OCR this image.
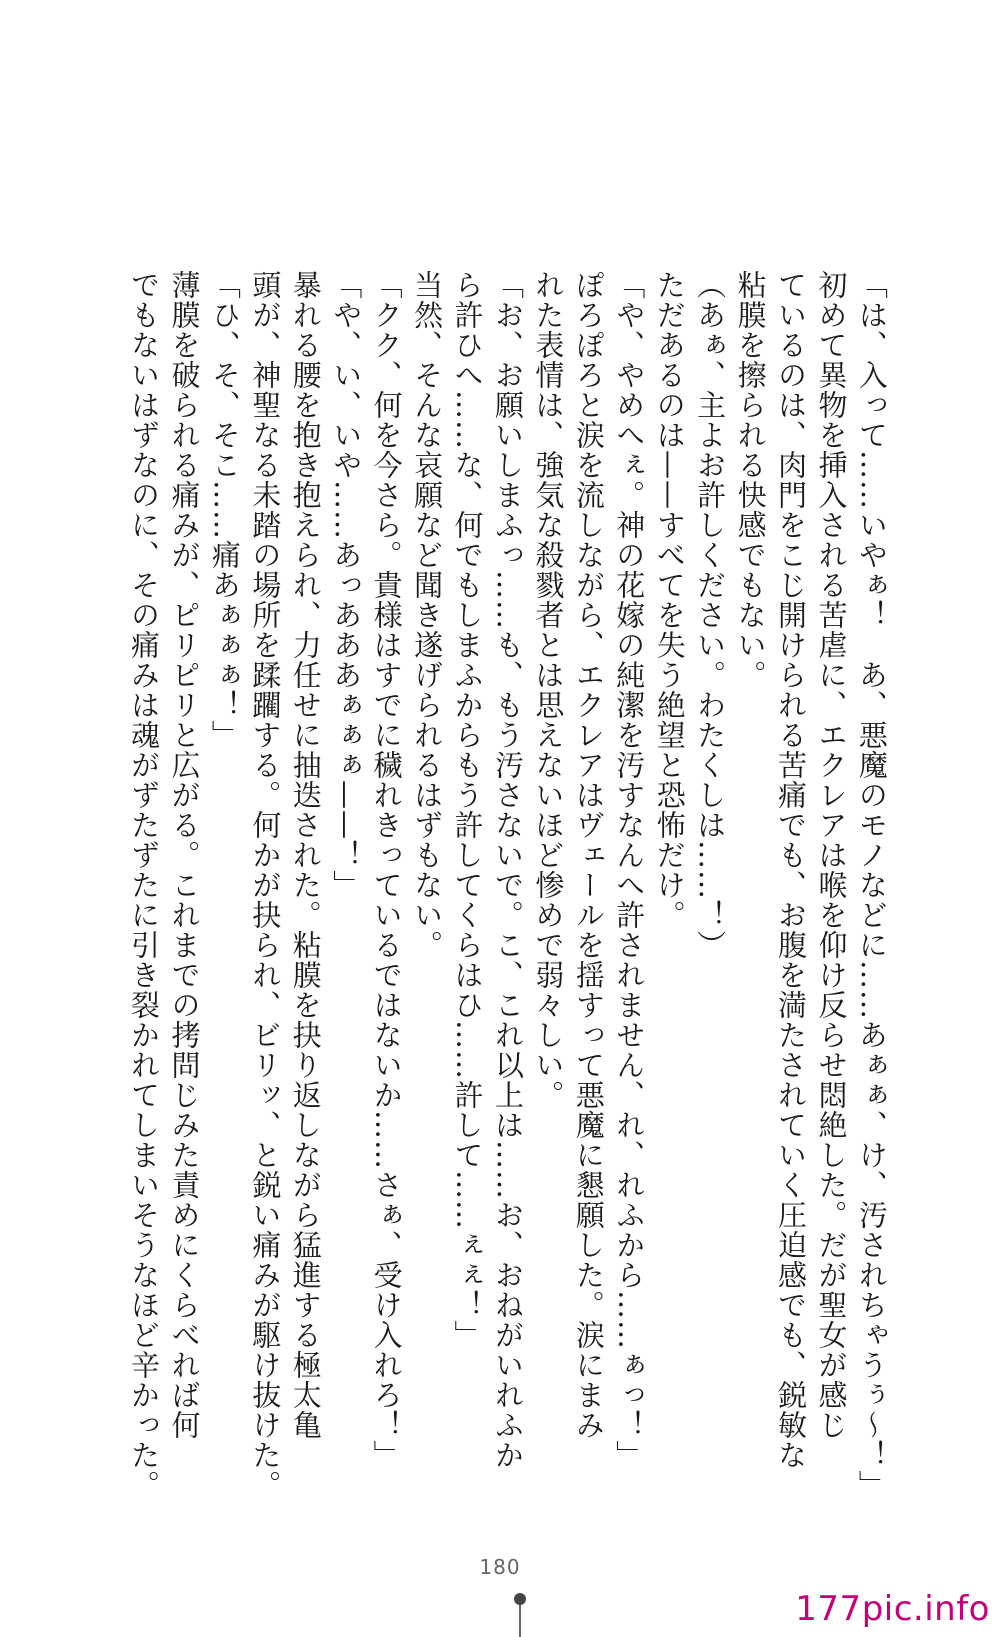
「は、入って……いやぁ！　あ、悪魔のモノなどに……あぁぁ、け、汚されちゃうぅ〜！」
初めて異物を挿入される苦虐に、エクレアは喉を仰け反らせ悶絶した。だが聖女が感じ
ているのは、肉門をこじ開けられる苦痛でも、お腹を満たされていく圧迫感でも、鋭敏な
粘膜を擦られる快感でもない。
（あぁ、主よお許しください。わたくしは……！）
ただあるのは——すべてを失う絶望と恐怖だけ。
「や、やめへぇ。神の花嫁の純潔を汚すなんへ許されません、れ、れふから……ぁっ！」
ぽろぽろと涙を流しながら、エクレアはヴェールを揺すって悪魔に懇願した。涙にまみ
れた表情は、強気な殺戮者とは思えないほど惨めで弱々しい。
「お、お願いしまふっ……も、もう汚さないで。こ、これ以上は……お、おねがいれふか
ら許ひへ……な、何でもしまふからもう許してくらはひ……許して……ぇぇ！」
当然、そんな哀願など聞き遂げられるはずもない。
「クク、何を今さら。貴様はすでに穢れきっているではないか……さぁ、受け入れろ！」
「や、い、いや……あっあああぁぁぁ——！」
暴れる腰を抱き抱えられ、力任せに抽迭された。粘膜を抉り返しながら猛進する極太亀
頭が、神聖なる未踏の場所を蹂躙する。何かが抉られ、ビリッ、と鋭い痛みが駆け抜けた。
「ひ、そ、そこ……痛あぁぁぁ！」
薄膜を破られる痛みが、ピリピリと広がる。これまでの拷問じみた責めにくらべれば何
でもないはずなのに、その痛みは魂がずたずたに引き裂かれてしまいそうなほど辛かった。
180
177pic.info
